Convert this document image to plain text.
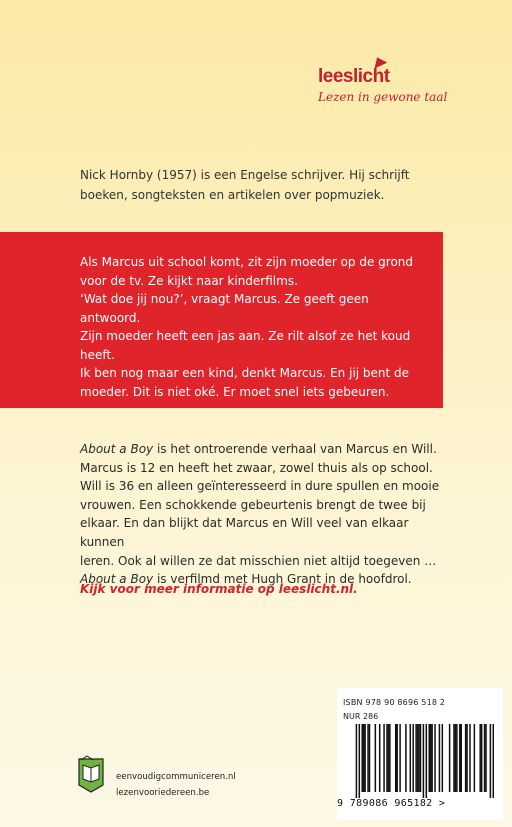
leeslicht
Lezen in gewone taal
Nick Hornby (1957) is een Engelse schrijver. Hij schrijft
boeken, songteksten en artikelen over popmuziek.

Als Marcus uit school komt, zit zijn moeder op de grond

voor de tv. Ze kijkt naar kinderfilms.

‘Wat doe jij nou?’, vraagt Marcus. Ze geeft geen antwoord.

Zijn moeder heeft een jas aan. Ze rilt alsof ze het koud

heeft.

Ik ben nog maar een kind, denkt Marcus. En jij bent de

moeder. Dit is niet oké. Er moet snel iets gebeuren.

About a Boy is het ontroerende verhaal van Marcus en Will.

Marcus is 12 en heeft het zwaar, zowel thuis als op school.

Will is 36 en alleen geïnteresseerd in dure spullen en mooie

vrouwen. Een schokkende gebeurtenis brengt de twee bij

elkaar. En dan blijkt dat Marcus en Will veel van elkaar kunnen

leren. Ook al willen ze dat misschien niet altijd toegeven …

About a Boy is verfilmd met Hugh Grant in de hoofdrol.

Kijk voor meer informatie op leeslicht.nl.
eenvoudigcommuniceren.nl
lezenvooriedereen.be
ISBN 978 90 8696 518 2
NUR 286
9 789086 965182 >
